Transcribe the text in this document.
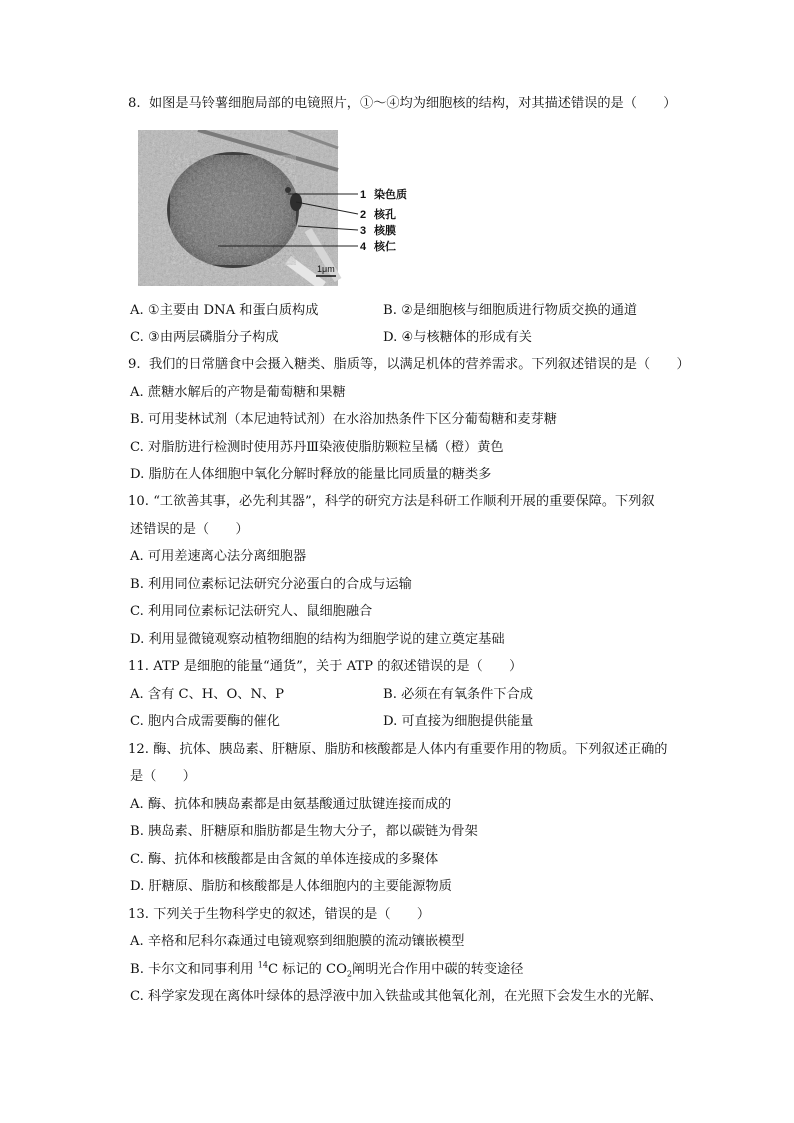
8. 如图是马铃薯细胞局部的电镜照片，①～④均为细胞核的结构，对其描述错误的是（　　）
1 染色质
2 核孔
3 核膜
4 核仁
1μm
A. ①主要由 DNA 和蛋白质构成	B. ②是细胞核与细胞质进行物质交换的通道
C. ③由两层磷脂分子构成	D. ④与核糖体的形成有关
9. 我们的日常膳食中会摄入糖类、脂质等，以满足机体的营养需求。下列叙述错误的是（　　）
A. 蔗糖水解后的产物是葡萄糖和果糖
B. 可用斐林试剂（本尼迪特试剂）在水浴加热条件下区分葡萄糖和麦芽糖
C. 对脂肪进行检测时使用苏丹Ⅲ染液使脂肪颗粒呈橘（橙）黄色
D. 脂肪在人体细胞中氧化分解时释放的能量比同质量的糖类多
10. “工欲善其事，必先利其器”，科学的研究方法是科研工作顺利开展的重要保障。下列叙
述错误的是（　　）
A. 可用差速离心法分离细胞器
B. 利用同位素标记法研究分泌蛋白的合成与运输
C. 利用同位素标记法研究人、鼠细胞融合
D. 利用显微镜观察动植物细胞的结构为细胞学说的建立奠定基础
11. ATP 是细胞的能量“通货”，关于 ATP 的叙述错误的是（　　）
A. 含有 C、H、O、N、P	B. 必须在有氧条件下合成
C. 胞内合成需要酶的催化	D. 可直接为细胞提供能量
12. 酶、抗体、胰岛素、肝糖原、脂肪和核酸都是人体内有重要作用的物质。下列叙述正确的
是（　　）
A. 酶、抗体和胰岛素都是由氨基酸通过肽键连接而成的
B. 胰岛素、肝糖原和脂肪都是生物大分子，都以碳链为骨架
C. 酶、抗体和核酸都是由含氮的单体连接成的多聚体
D. 肝糖原、脂肪和核酸都是人体细胞内的主要能源物质
13. 下列关于生物科学史的叙述，错误的是（　　）
A. 辛格和尼科尔森通过电镜观察到细胞膜的流动镶嵌模型
B. 卡尔文和同事利用 $^{14}$C 标记的 $CO_2$阐明光合作用中碳的转变途径
C. 科学家发现在离体叶绿体的悬浮液中加入铁盐或其他氧化剂，在光照下会发生水的光解、
